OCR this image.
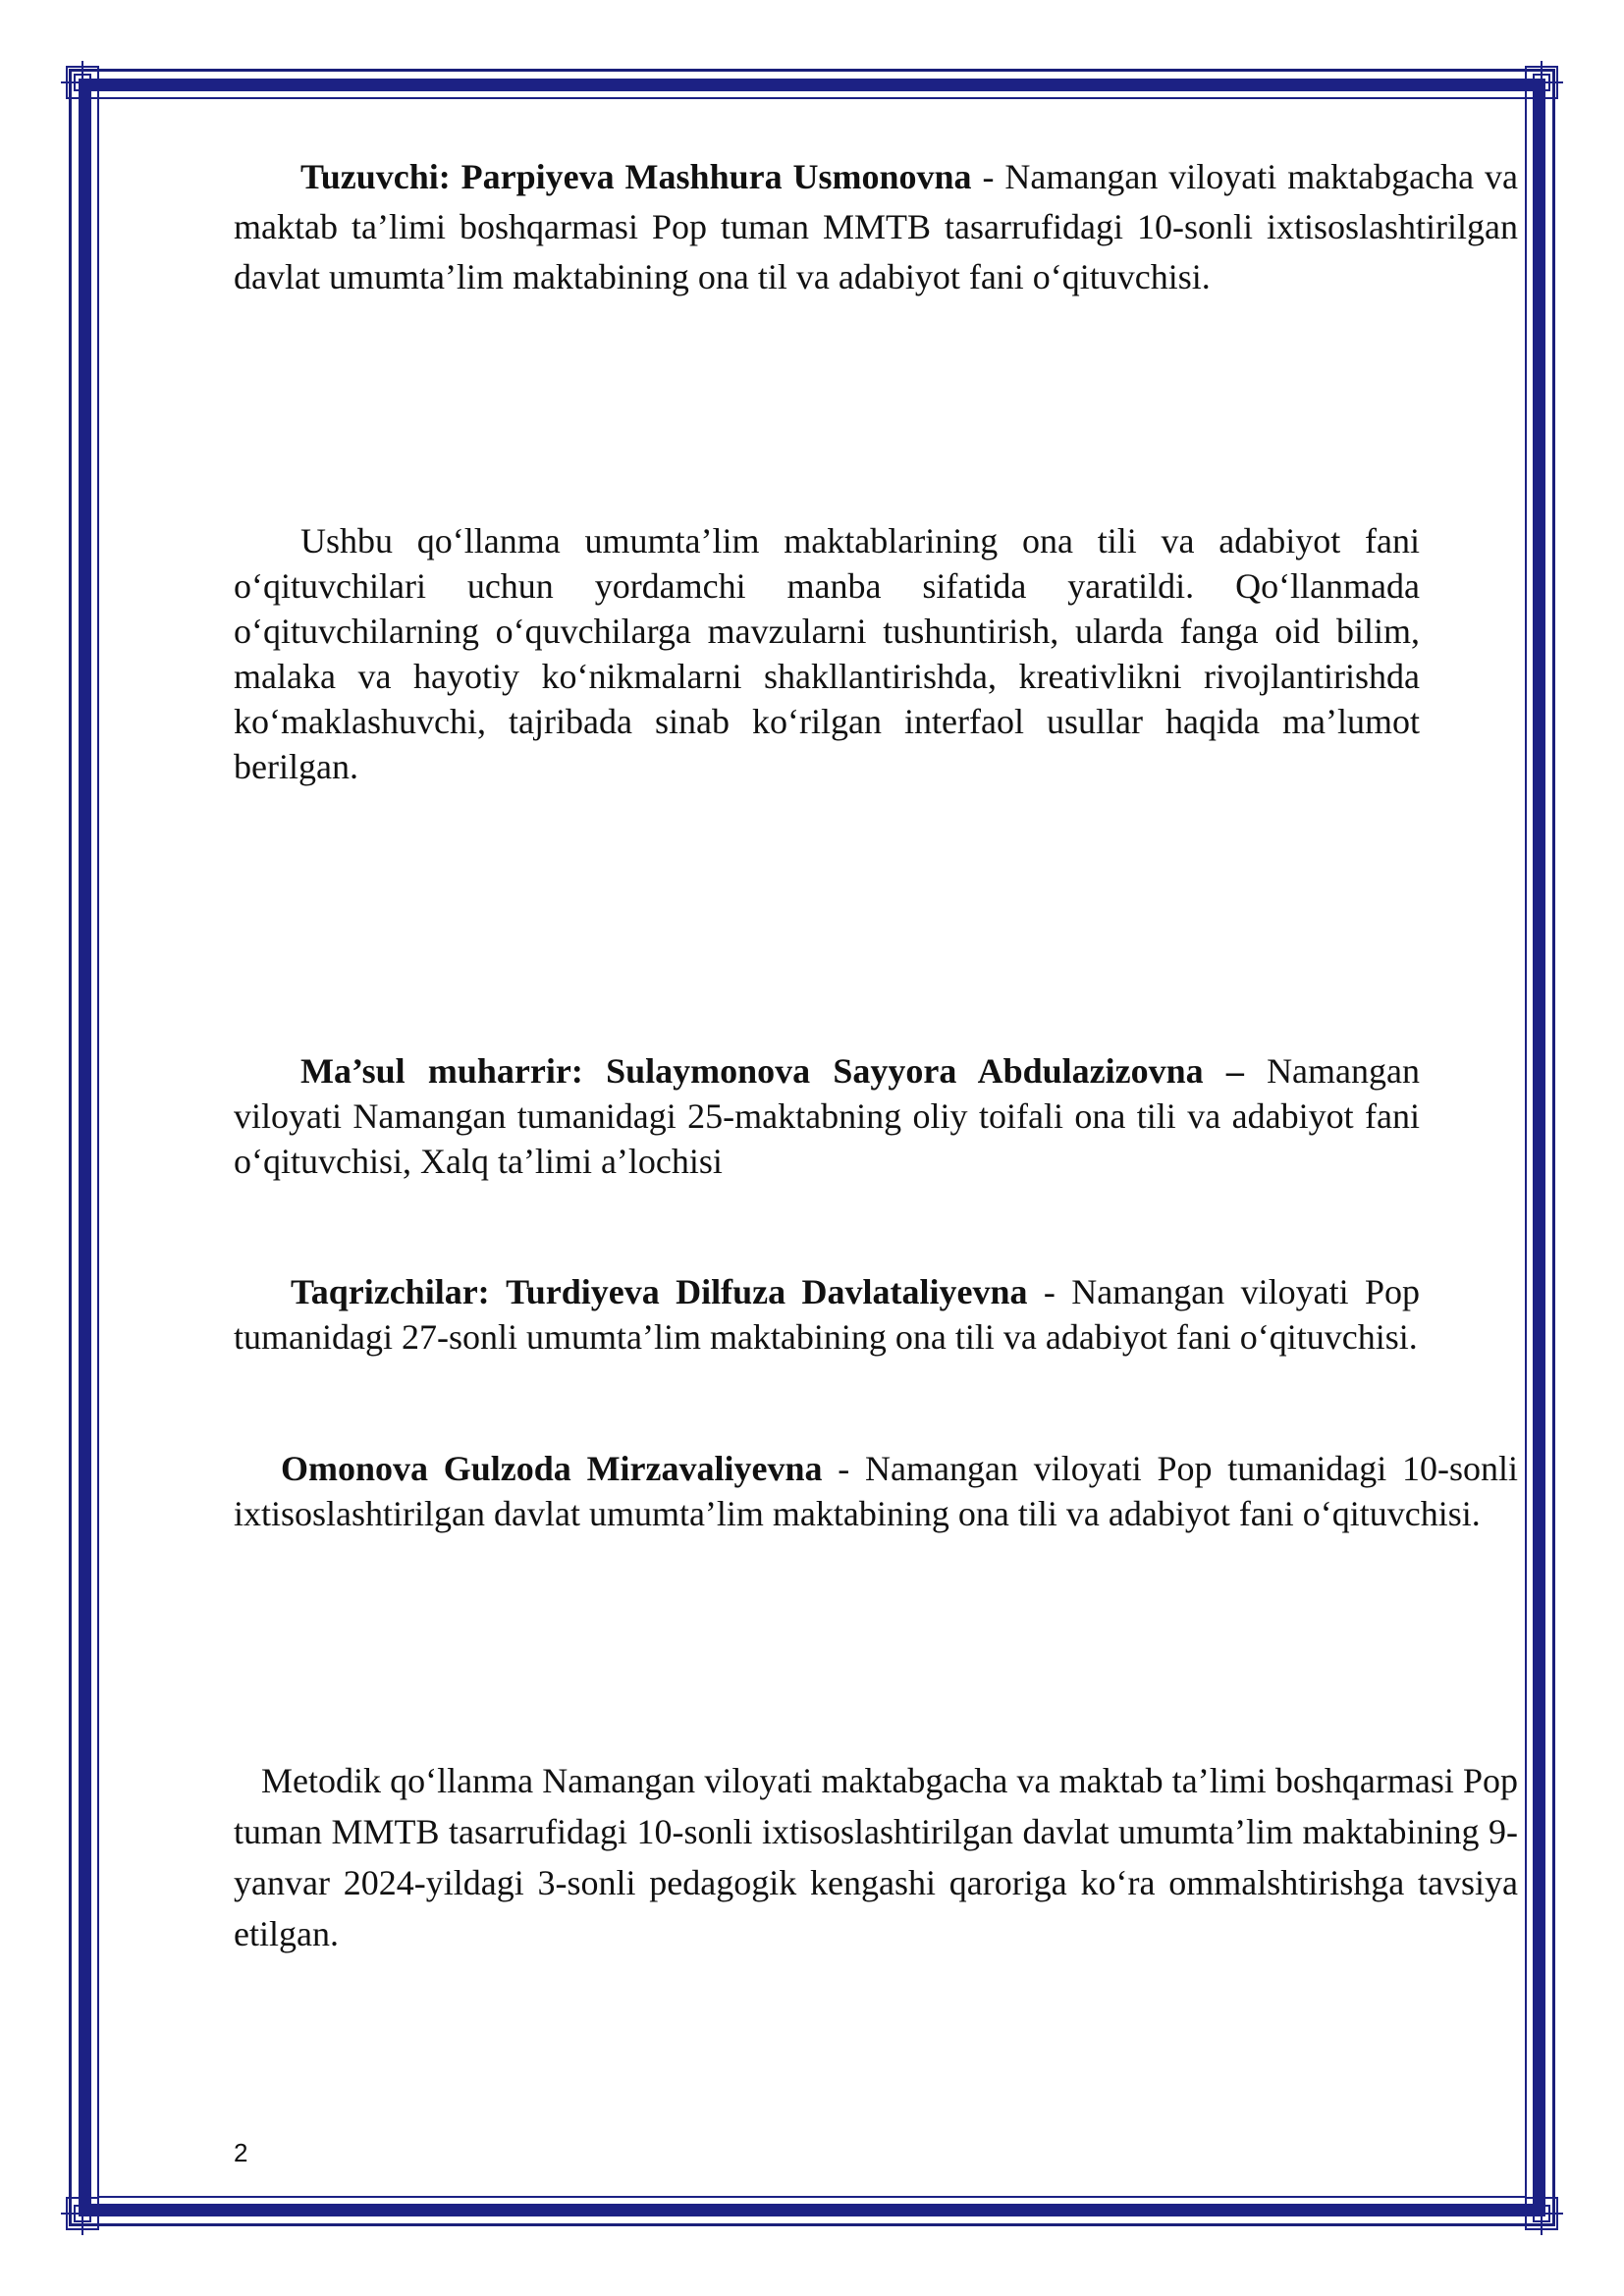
Tuzuvchi: Parpiyeva Mashhura Usmonovna - Namangan viloyati maktabgacha va maktab ta’limi boshqarmasi Pop tuman MMTB tasarrufidagi 10-sonli ixtisoslashtirilgan davlat umumta’lim maktabining ona til va adabiyot fani o‘qituvchisi.
Ushbu qo‘llanma umumta’lim maktablarining ona tili va adabiyot fani o‘qituvchilari uchun yordamchi manba sifatida yaratildi. Qo‘llanmada o‘qituvchilarning o‘quvchilarga mavzularni tushuntirish, ularda fanga oid bilim, malaka va hayotiy ko‘nikmalarni shakllantirishda, kreativlikni rivojlantirishda ko‘maklashuvchi, tajribada sinab ko‘rilgan interfaol usullar haqida ma’lumot berilgan.
Ma’sul muharrir: Sulaymonova Sayyora Abdulazizovna – Namangan viloyati Namangan tumanidagi 25-maktabning oliy toifali ona tili va adabiyot fani o‘qituvchisi, Xalq ta’limi a’lochisi
Taqrizchilar: Turdiyeva Dilfuza Davlataliyevna - Namangan viloyati Pop tumanidagi 27-sonli umumta’lim maktabining ona tili va adabiyot fani o‘qituvchisi.
Omonova Gulzoda Mirzavaliyevna - Namangan viloyati Pop tumanidagi 10-sonli ixtisoslashtirilgan davlat umumta’lim maktabining ona tili va adabiyot fani o‘qituvchisi.
Metodik qo‘llanma Namangan viloyati maktabgacha va maktab ta’limi boshqarmasi Pop tuman MMTB tasarrufidagi 10-sonli ixtisoslashtirilgan davlat umumta’lim maktabining 9-yanvar 2024-yildagi 3-sonli pedagogik kengashi qaroriga ko‘ra ommalshtirishga tavsiya etilgan.
2
